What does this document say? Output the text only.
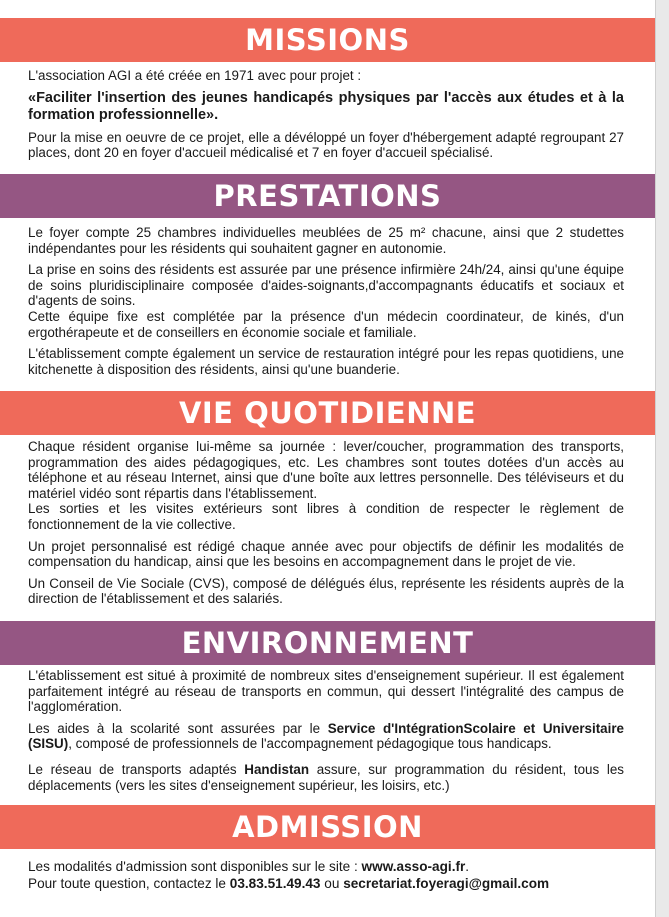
MISSIONS

L'association AGI a été créée en 1971 avec pour projet :

«Faciliter l'insertion des jeunes handicapés physiques par l'accès aux études et à la formation professionnelle».

Pour la mise en oeuvre de ce projet, elle a dévéloppé un foyer d'hébergement adapté regroupant 27 places, dont 20 en foyer d'accueil médicalisé et 7 en foyer d'accueil spécialisé.

PRESTATIONS

Le foyer compte 25 chambres individuelles meublées de 25 m² chacune, ainsi que 2 studettes indépendantes pour les résidents qui souhaitent gagner en autonomie.

La prise en soins des résidents est assurée par une présence infirmière 24h/24, ainsi qu'une équipe de soins pluridisciplinaire composée d'aides-soignants,d'accompagnants éducatifs et sociaux et d'agents de soins.

Cette équipe fixe est complétée par la présence d'un médecin coordinateur, de kinés, d'un ergothérapeute et de conseillers en économie sociale et familiale.

L'établissement compte également un service de restauration intégré pour les repas quotidiens, une kitchenette à disposition des résidents, ainsi qu'une buanderie.

VIE QUOTIDIENNE

Chaque résident organise lui-même sa journée : lever/coucher, programmation des transports, programmation des aides pédagogiques, etc. Les chambres sont toutes dotées d'un accès au téléphone et au réseau Internet, ainsi que d'une boîte aux lettres personnelle. Des téléviseurs et du matériel vidéo sont répartis dans l'établissement.

Les sorties et les visites extérieurs sont libres à condition de respecter le règlement de fonctionnement de la vie collective.

Un projet personnalisé est rédigé chaque année avec pour objectifs de définir les modalités de compensation du handicap, ainsi que les besoins en accompagnement dans le projet de vie.

Un Conseil de Vie Sociale (CVS), composé de délégués élus, représente les résidents auprès de la direction de l'établissement et des salariés.

ENVIRONNEMENT

L'établissement est situé à proximité de nombreux sites d'enseignement supérieur. Il est également parfaitement intégré au réseau de transports en commun, qui dessert l'intégralité des campus de l'agglomération.

Les aides à la scolarité sont assurées par le Service d'IntégrationScolaire et Universitaire (SISU), composé de professionnels de l'accompagnement pédagogique tous handicaps.

Le réseau de transports adaptés Handistan assure, sur programmation du résident, tous les déplacements (vers les sites d'enseignement supérieur, les loisirs, etc.)

ADMISSION

Les modalités d'admission sont disponibles sur le site : www.asso-agi.fr.

Pour toute question, contactez le 03.83.51.49.43 ou secretariat.foyeragi@gmail.com
